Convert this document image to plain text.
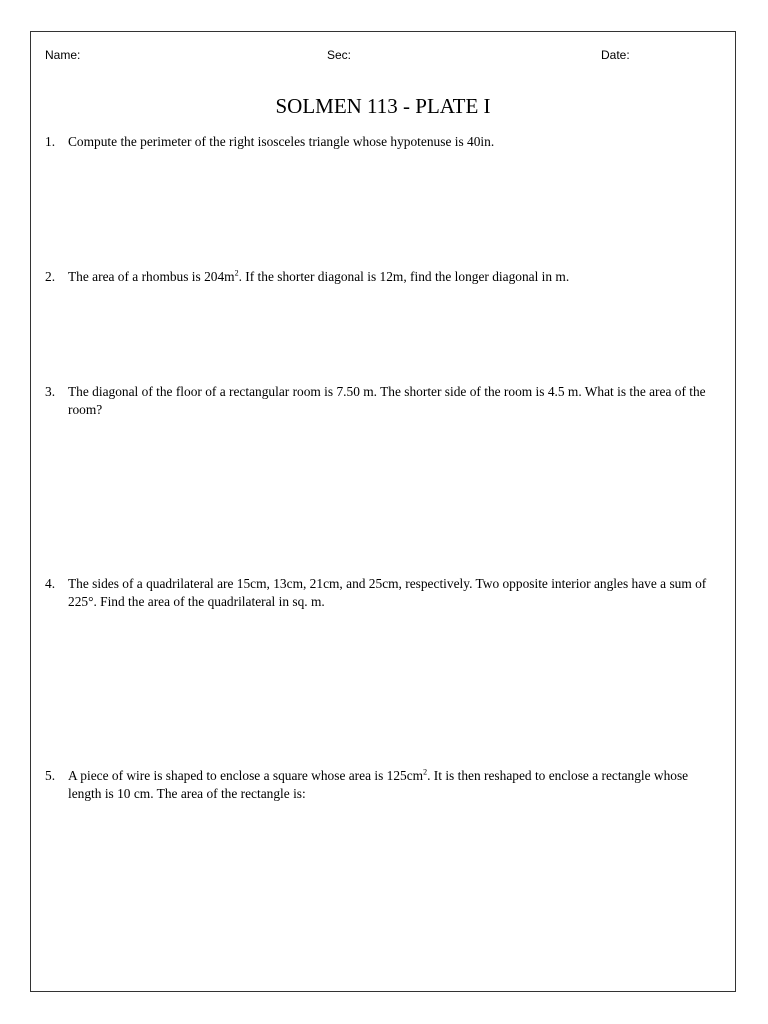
Name:	Sec:	Date:
SOLMEN 113 - PLATE I
1. Compute the perimeter of the right isosceles triangle whose hypotenuse is 40in.
2. The area of a rhombus is $204m^2$. If the shorter diagonal is 12m, find the longer diagonal in m.
3. The diagonal of the floor of a rectangular room is 7.50 m. The shorter side of the room is 4.5 m. What is the area of the room?
4. The sides of a quadrilateral are 15cm, 13cm, 21cm, and 25cm, respectively. Two opposite interior angles have a sum of 225°. Find the area of the quadrilateral in sq. m.
5. A piece of wire is shaped to enclose a square whose area is $125cm^2$. It is then reshaped to enclose a rectangle whose length is 10 cm. The area of the rectangle is:
